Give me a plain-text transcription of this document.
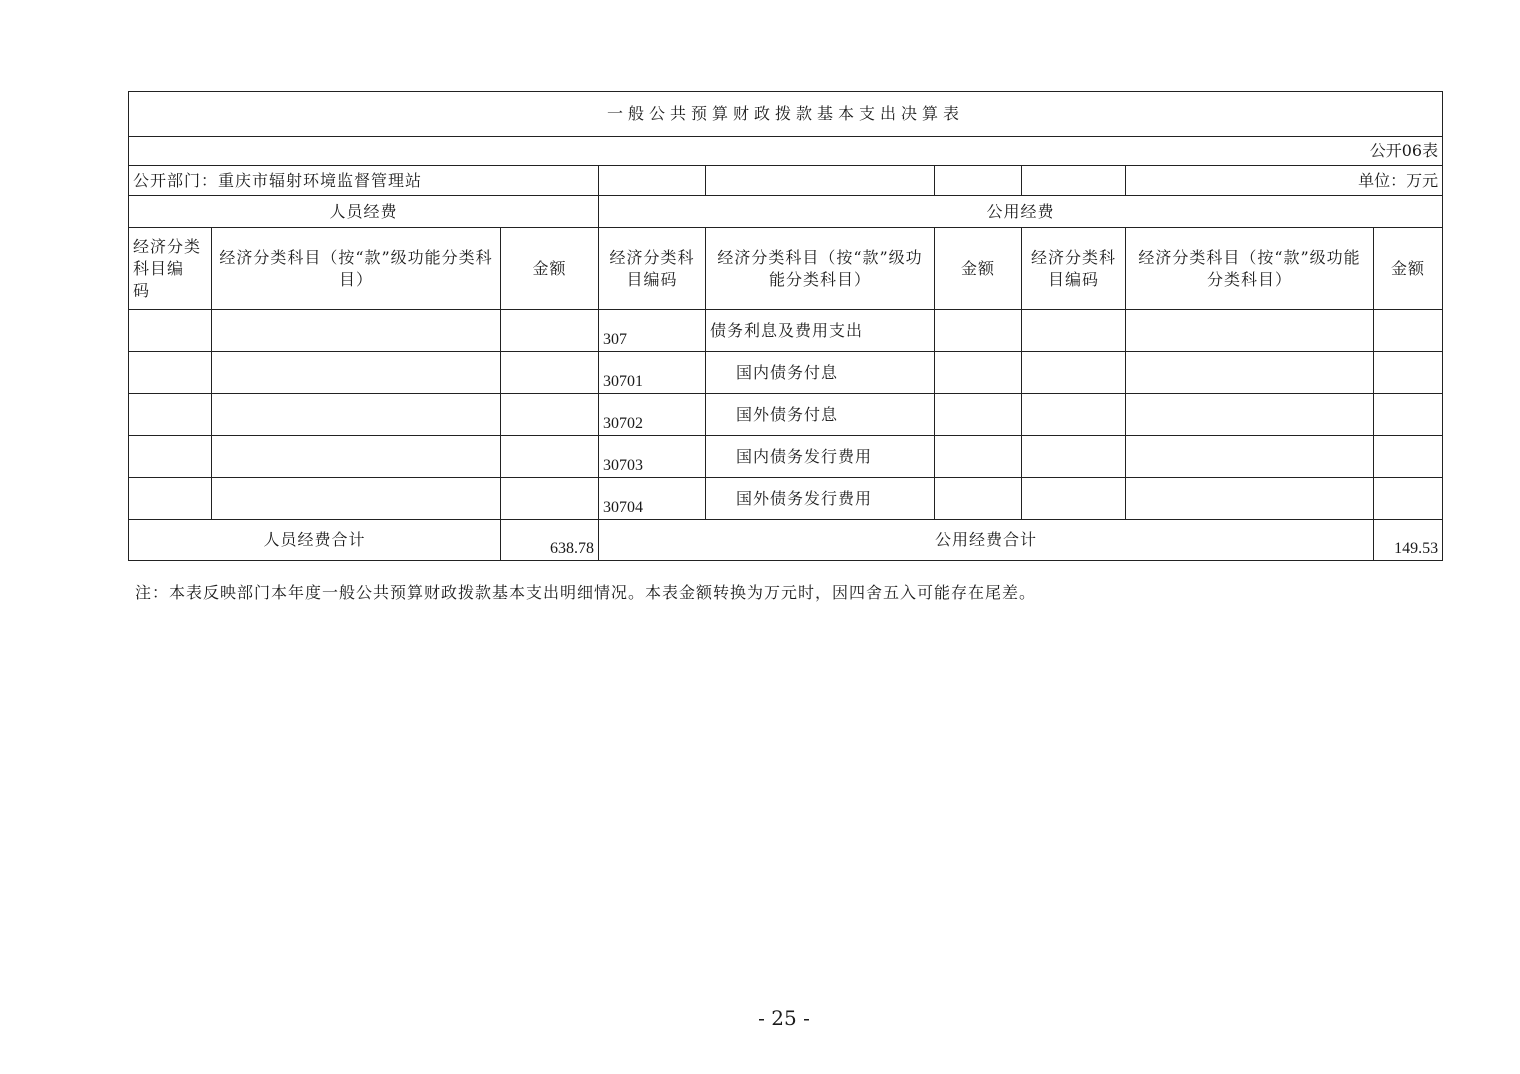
一般公共预算财政拨款基本支出决算表								
公开06表								
公开部门：重庆市辐射环境监督管理站							单位：万元	
人员经费			公用经费					
经济分类科目编 码	经济分类科目（按“款”级功能分类科目）	金额	经济分类科目编码	经济分类科目（按“款”级功能分类科目）	金额	经济分类科目编码	经济分类科目（按“款”级功能分类科目）	金额
			307	债务利息及费用支出				
			30701	国内债务付息				
			30702	国外债务付息				
			30703	国内债务发行费用				
			30704	国外债务发行费用				
人员经费合计		638.78	公用经费合计					149.53
注：本表反映部门本年度一般公共预算财政拨款基本支出明细情况。本表金额转换为万元时，因四舍五入可能存在尾差。
- 25 -
